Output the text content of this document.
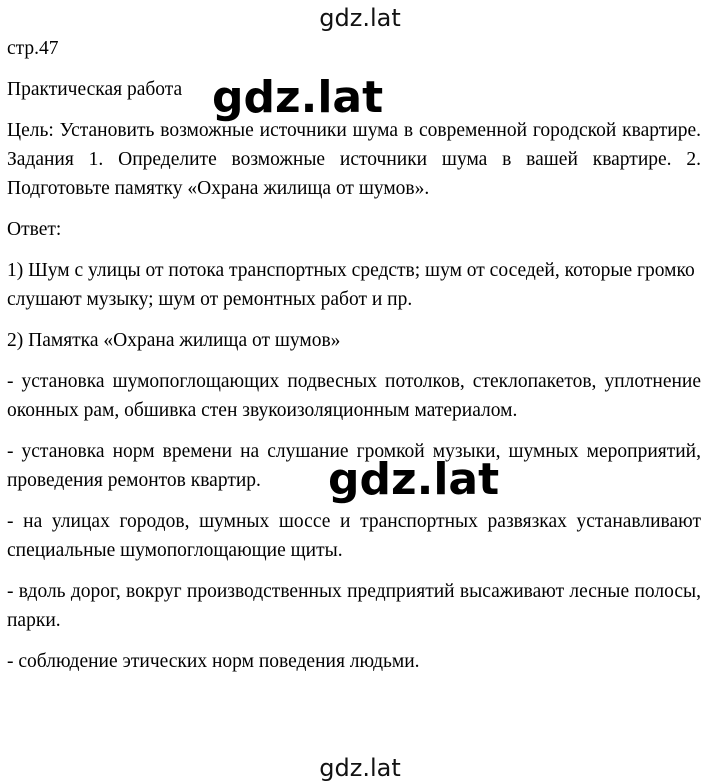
gdz.lat

стр.47

Практическая работа

Цель: Установить возможные источники шума в современной городской квартире. Задания 1. Определите возможные источники шума в вашей квартире. 2. Подготовьте памятку «Охрана жилища от шумов».

Ответ:

1) Шум с улицы от потока транспортных средств; шум от соседей, которые громко слушают музыку; шум от ремонтных работ и пр.

2) Памятка «Охрана жилища от шумов»

- установка шумопоглощающих подвесных потолков, стеклопакетов, уплотнение оконных рам, обшивка стен звукоизоляционным материалом.

- установка норм времени на слушание громкой музыки, шумных мероприятий, проведения ремонтов квартир.

- на улицах городов, шумных шоссе и транспортных развязках устанавливают специальные шумопоглощающие щиты.

- вдоль дорог, вокруг производственных предприятий высаживают лесные полосы, парки.

- соблюдение этических норм поведения людьми.

gdz.lat
gdz.lat
gdz.lat
